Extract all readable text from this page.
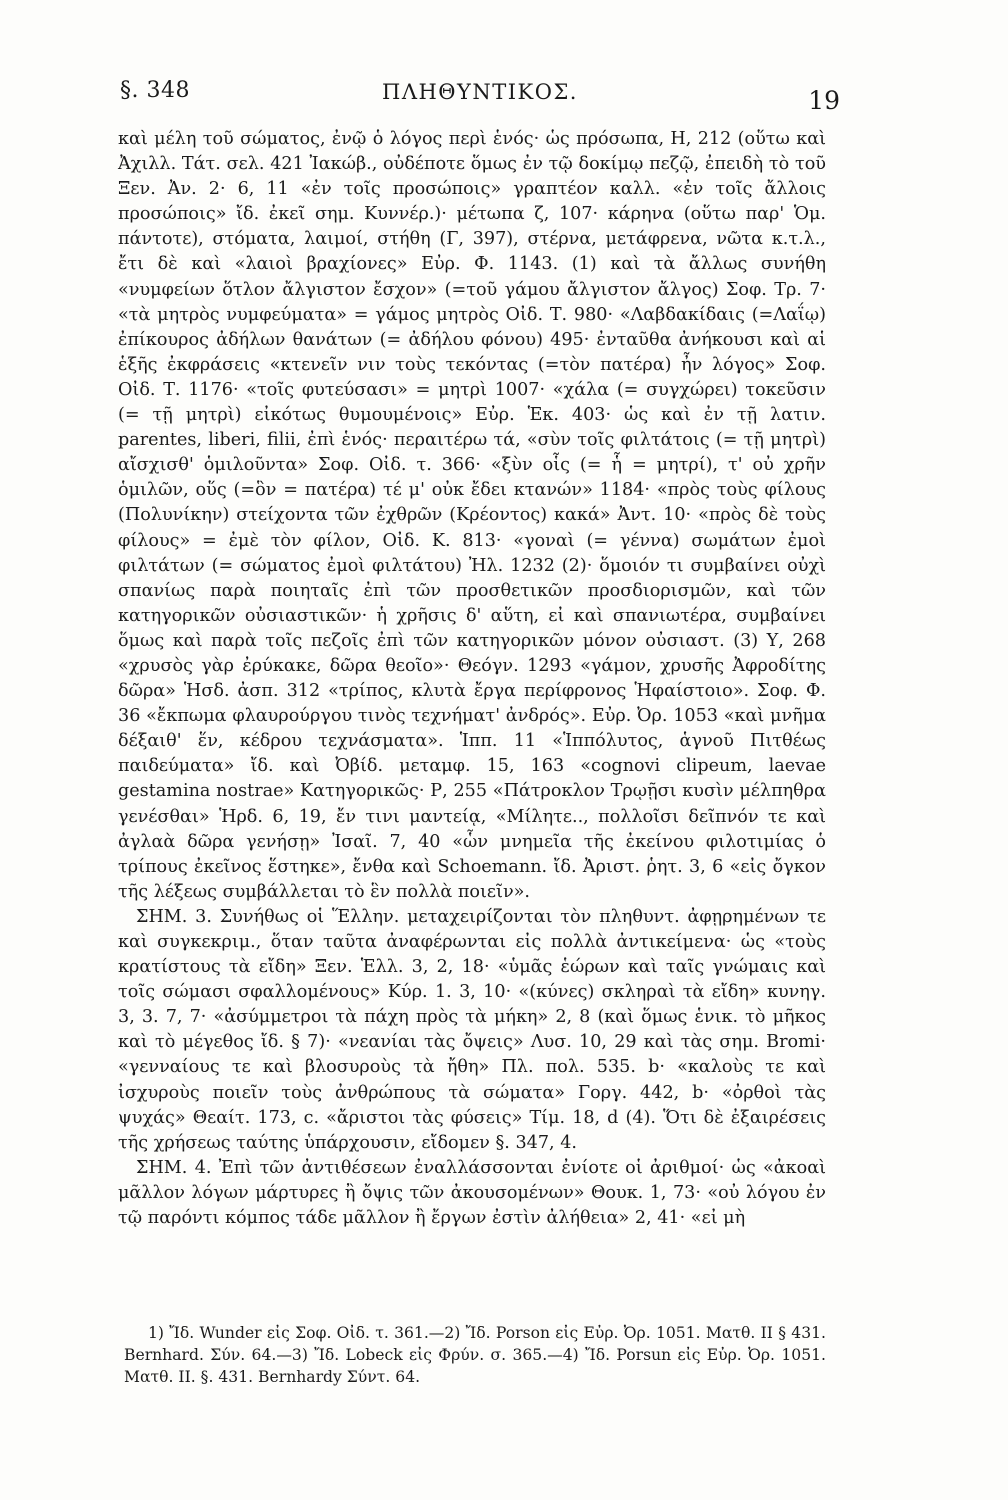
§. 348	ΠΛΗΘΥΝΤΙΚΟΣ.	19

καὶ μέλη τοῦ σώματος, ἐνῷ ὁ λόγος περὶ ἑνός· ὡς πρόσωπα, Η, 212 (οὕτω καὶ Ἀχιλλ. Τάτ. σελ. 421 Ἰακώβ., οὐδέποτε ὅμως ἐν τῷ δοκίμῳ πεζῷ, ἐπειδὴ τὸ τοῦ Ξεν. Ἀν. 2· 6, 11 «ἐν τοῖς προσώποις» γραπτέον καλλ. «ἐν τοῖς ἄλλοις προσώποις» ἴδ. ἐκεῖ σημ. Κυννέρ.)· μέτωπα ζ, 107· κάρηνα (οὕτω παρ' Ὁμ. πάντοτε), στόματα, λαιμοί, στήθη (Γ, 397), στέρνα, μετάφρενα, νῶτα κ.τ.λ., ἔτι δὲ καὶ «λαιοὶ βραχίονες» Εὐρ. Φ. 1143. (1) καὶ τὰ ἄλλως συνήθη «νυμφείων ὅτλον ἄλγιστον ἔσχον» (=τοῦ γάμου ἄλγιστον ἄλγος) Σοφ. Τρ. 7· «τὰ μητρὸς νυμφεύματα» = γάμος μητρὸς Οἰδ. Τ. 980· «Λαβδακίδαις (=Λαΐῳ) ἐπίκουρος ἀδήλων θανάτων (= ἀδήλου φόνου) 495· ἐνταῦθα ἀνήκουσι καὶ αἱ ἑξῆς ἐκφράσεις «κτενεῖν νιν τοὺς τεκόντας (=τὸν πατέρα) ἦν λόγος» Σοφ. Οἰδ. Τ. 1176· «τοῖς φυτεύσασι» = μητρὶ 1007· «χάλα (= συγχώρει) τοκεῦσιν (= τῇ μητρὶ) εἰκότως θυμουμένοις» Εὐρ. Ἑκ. 403· ὡς καὶ ἐν τῇ λατιν. parentes, liberi, filii, ἐπὶ ἑνός· περαιτέρω τά, «σὺν τοῖς φιλτάτοις (= τῇ μητρὶ) αἴσχισθ' ὁμιλοῦντα» Σοφ. Οἰδ. τ. 366· «ξὺν οἷς (= ἧ = μητρί), τ' οὐ χρῆν ὁμιλῶν, οὕς (=ὃν = πατέρα) τέ μ' οὐκ ἔδει κτανών» 1184· «πρὸς τοὺς φίλους (Πολυνίκην) στείχοντα τῶν ἐχθρῶν (Κρέοντος) κακά» Ἀντ. 10· «πρὸς δὲ τοὺς φίλους» = ἐμὲ τὸν φίλον, Οἰδ. Κ. 813· «γοναὶ (= γέννα) σωμάτων ἐμοὶ φιλτάτων (= σώματος ἐμοὶ φιλτάτου) Ἠλ. 1232 (2)· ὅμοιόν τι συμβαίνει οὐχὶ σπανίως παρὰ ποιηταῖς ἐπὶ τῶν προσθετικῶν προσδιορισμῶν, καὶ τῶν κατηγορικῶν οὐσιαστικῶν· ἡ χρῆσις δ' αὕτη, εἰ καὶ σπανιωτέρα, συμβαίνει ὅμως καὶ παρὰ τοῖς πεζοῖς ἐπὶ τῶν κατηγορικῶν μόνον οὐσιαστ. (3) Υ, 268 «χρυσὸς γὰρ ἐρύκακε, δῶρα θεοῖο»· Θεόγν. 1293 «γάμον, χρυσῆς Ἀφροδίτης δῶρα» Ἡσδ. ἀσπ. 312 «τρίπος, κλυτὰ ἔργα περίφρονος Ἡφαίστοιο». Σοφ. Φ. 36 «ἔκπωμα φλαυρούργου τινὸς τεχνήματ' ἀνδρός». Εὐρ. Ὀρ. 1053 «καὶ μνῆμα δέξαιθ' ἕν, κέδρου τεχνάσματα». Ἱππ. 11 «Ἱππόλυτος, ἁγνοῦ Πιτθέως παιδεύματα» ἴδ. καὶ Ὀβίδ. μεταμφ. 15, 163 «cognovi clipeum, laevae gestamina nostrae» Κατηγορικῶς· Ρ, 255 «Πάτροκλον Τρῳῇσι κυσὶν μέλπηθρα γενέσθαι» Ἡρδ. 6, 19, ἔν τινι μαντείᾳ, «Μίλητε.., πολλοῖσι δεῖπνόν τε καὶ ἀγλαὰ δῶρα γενήσῃ» Ἰσαῖ. 7, 40 «ὧν μνημεῖα τῆς ἐκείνου φιλοτιμίας ὁ τρίπους ἐκεῖνος ἕστηκε», ἔνθα καὶ Schoemann. ἴδ. Ἀριστ. ῥητ. 3, 6 «εἰς ὄγκον τῆς λέξεως συμβάλλεται τὸ ἓν πολλὰ ποιεῖν».

ΣΗΜ. 3. Συνήθως οἱ Ἕλλην. μεταχειρίζονται τὸν πληθυντ. ἀφῃρημένων τε καὶ συγκεκριμ., ὅταν ταῦτα ἀναφέρωνται εἰς πολλὰ ἀντικείμενα· ὡς «τοὺς κρατίστους τὰ εἴδη» Ξεν. Ἑλλ. 3, 2, 18· «ὑμᾶς ἑώρων καὶ ταῖς γνώμαις καὶ τοῖς σώμασι σφαλλομένους» Κύρ. 1. 3, 10· «(κύνες) σκληραὶ τὰ εἴδη» κυνηγ. 3, 3. 7, 7· «ἀσύμμετροι τὰ πάχη πρὸς τὰ μήκη» 2, 8 (καὶ ὅμως ἑνικ. τὸ μῆκος καὶ τὸ μέγεθος ἴδ. § 7)· «νεανίαι τὰς ὄψεις» Λυσ. 10, 29 καὶ τὰς σημ. Bromi· «γενναίους τε καὶ βλοσυροὺς τὰ ἤθη» Πλ. πολ. 535. b· «καλοὺς τε καὶ ἰσχυροὺς ποιεῖν τοὺς ἀνθρώπους τὰ σώματα» Γοργ. 442, b· «ὀρθοὶ τὰς ψυχάς» Θεαίτ. 173, c. «ἄριστοι τὰς φύσεις» Τίμ. 18, d (4). Ὅτι δὲ ἐξαιρέσεις τῆς χρήσεως ταύτης ὑπάρχουσιν, εἴδομεν §. 347, 4.

ΣΗΜ. 4. Ἐπὶ τῶν ἀντιθέσεων ἐναλλάσσονται ἐνίοτε οἱ ἀριθμοί· ὡς «ἀκοαὶ μᾶλλον λόγων μάρτυρες ἢ ὄψις τῶν ἀκουσομένων» Θουκ. 1, 73· «οὐ λόγου ἐν τῷ παρόντι κόμπος τάδε μᾶλλον ἢ ἔργων ἐστὶν ἀλήθεια» 2, 41· «εἰ μὴ

1) Ἴδ. Wunder εἰς Σοφ. Οἰδ. τ. 361.—2) Ἴδ. Porson εἰς Εὐρ. Ὀρ. 1051. Ματθ. II § 431. Bernhard. Σύν. 64.—3) Ἴδ. Lobeck εἰς Φρύν. σ. 365.—4) Ἴδ. Porsun εἰς Εὐρ. Ὀρ. 1051. Ματθ. II. §. 431. Bernhardy Σύντ. 64.
